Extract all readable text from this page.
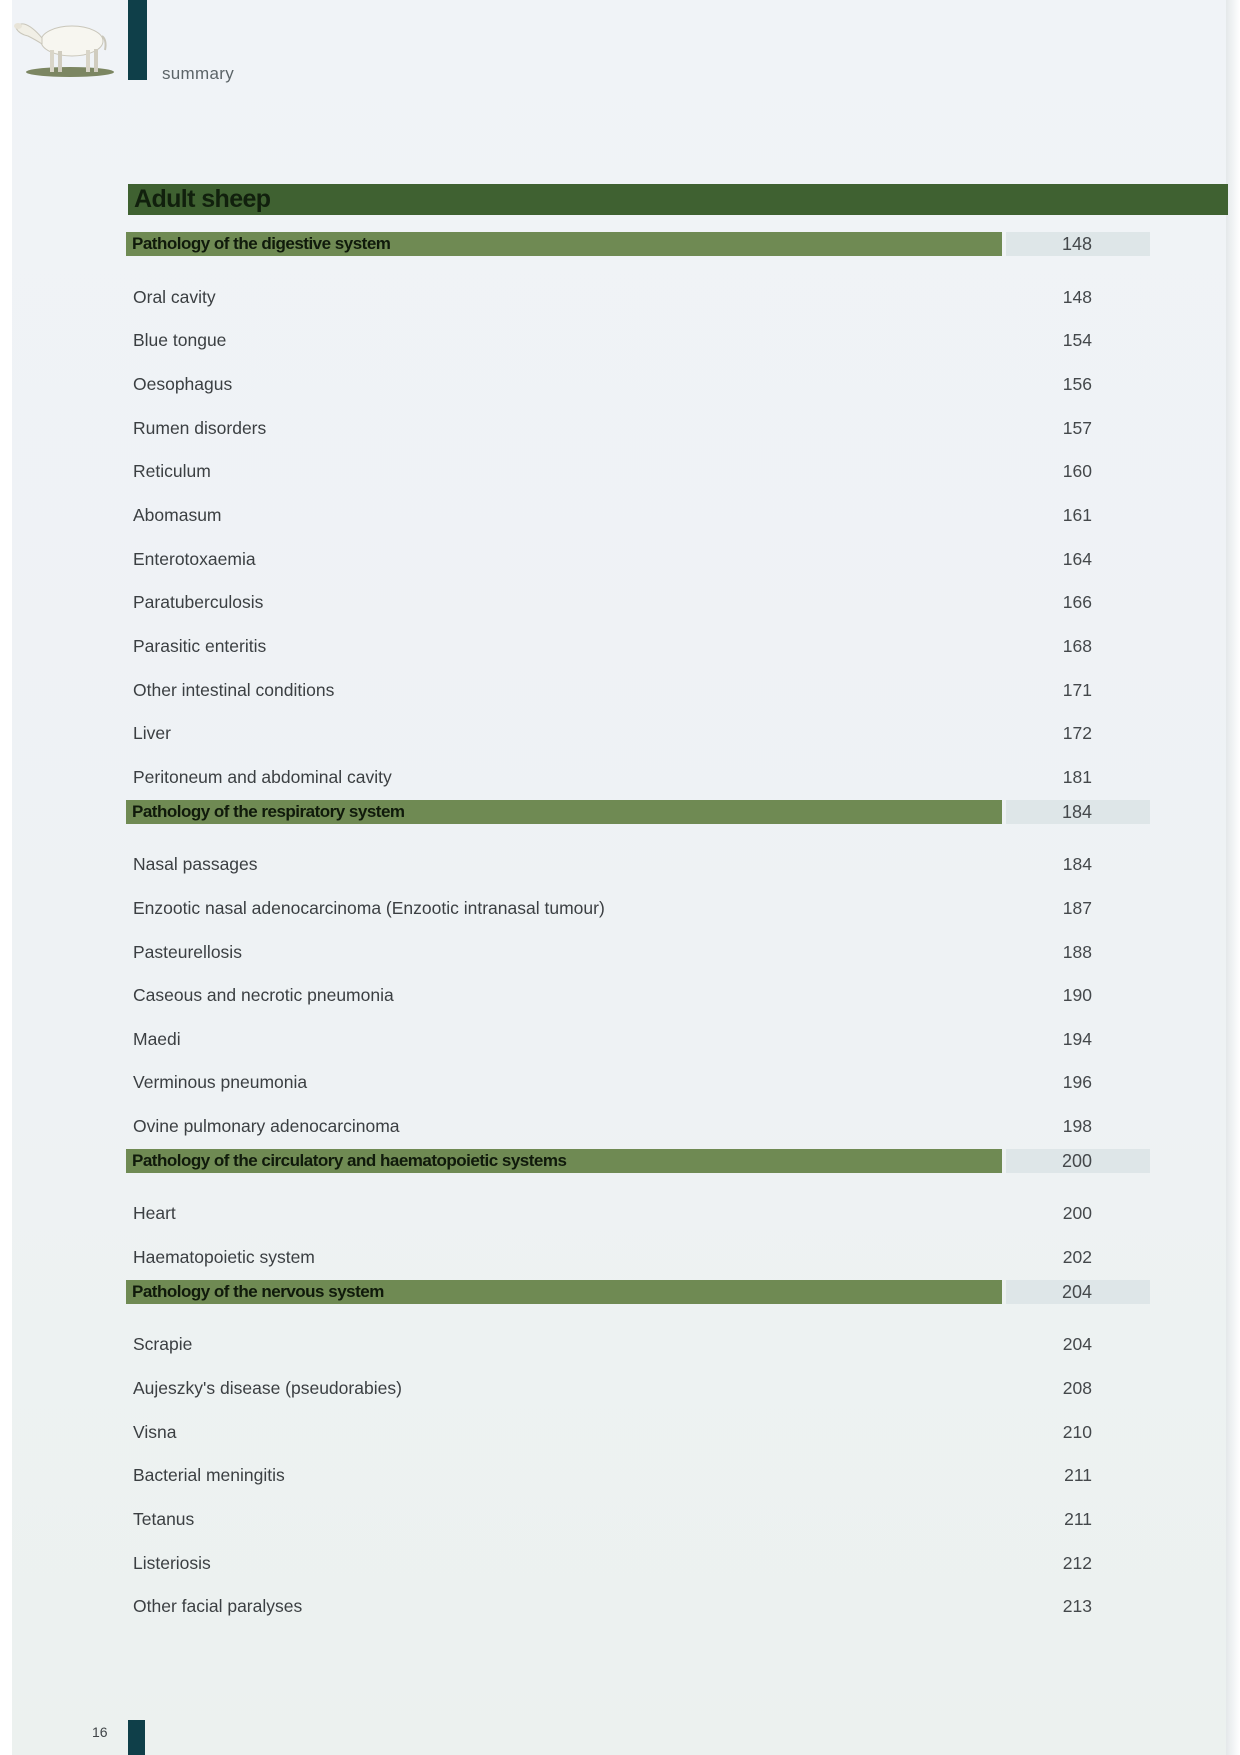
summary
Adult sheep
Pathology of the digestive system	148
Oral cavity	148
Blue tongue	154
Oesophagus	156
Rumen disorders	157
Reticulum	160
Abomasum	161
Enterotoxaemia	164
Paratuberculosis	166
Parasitic enteritis	168
Other intestinal conditions	171
Liver	172
Peritoneum and abdominal cavity	181
Pathology of the respiratory system	184
Nasal passages	184
Enzootic nasal adenocarcinoma (Enzootic intranasal tumour)	187
Pasteurellosis	188
Caseous and necrotic pneumonia	190
Maedi	194
Verminous pneumonia	196
Ovine pulmonary adenocarcinoma	198
Pathology of the circulatory and haematopoietic systems	200
Heart	200
Haematopoietic system	202
Pathology of the nervous system	204
Scrapie	204
Aujeszky's disease (pseudorabies)	208
Visna	210
Bacterial meningitis	211
Tetanus	211
Listeriosis	212
Other facial paralyses	213
16
